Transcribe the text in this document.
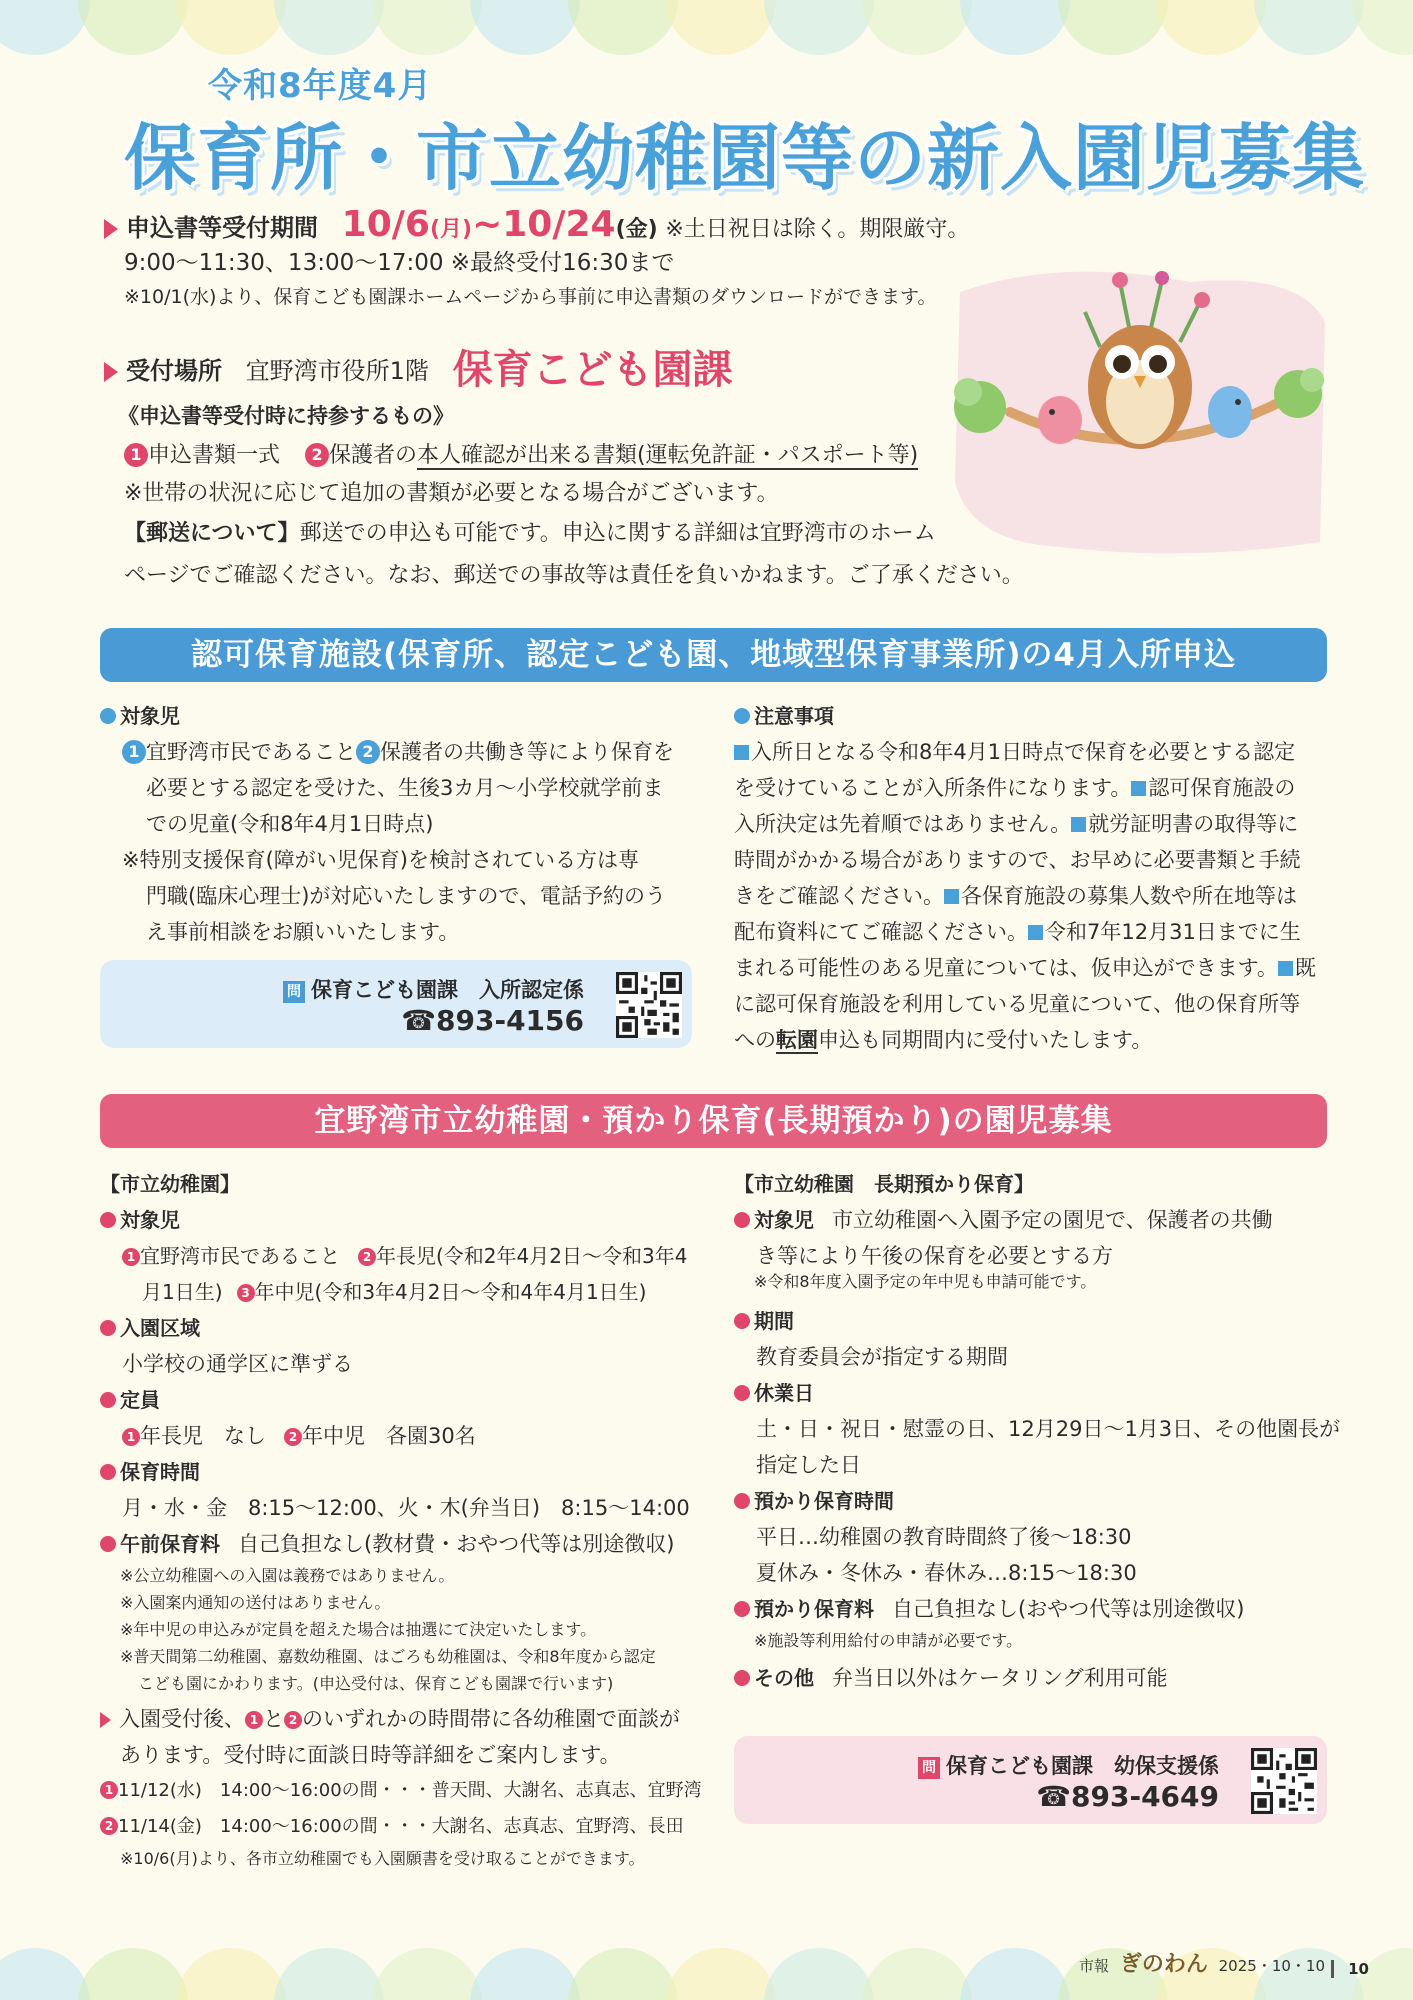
令和8年度4月
保育所・市立幼稚園等の新入園児募集
申込書等受付期間 10/6(月)~10/24(金) ※土日祝日は除く。期限厳守。
9:00～11:30、13:00～17:00 ※最終受付16:30まで
※10/1(水)より、保育こども園課ホームページから事前に申込書類のダウンロードができます。
受付場所 宜野湾市役所1階 保育こども園課
《申込書等受付時に持参するもの》
1 申込書類一式 2 保護者の本人確認が出来る書類(運転免許証・パスポート等)
※世帯の状況に応じて追加の書類が必要となる場合がございます。
【郵送について】郵送での申込も可能です。申込に関する詳細は宜野湾市のホーム
ページでご確認ください。なお、郵送での事故等は責任を負いかねます。ご了承ください。
認可保育施設(保育所、認定こども園、地域型保育事業所)の4月入所申込
対象児
1 宜野湾市民であること 2 保護者の共働き等により保育を
必要とする認定を受けた、生後3カ月～小学校就学前ま
での児童(令和8年4月1日時点)
※特別支援保育(障がい児保育)を検討されている方は専
門職(臨床心理士)が対応いたしますので、電話予約のう
え事前相談をお願いいたします。
問 保育こども園課　入所認定係
☎893-4156
注意事項
入所日となる令和8年4月1日時点で保育を必要とする認定
を受けていることが入所条件になります。 認可保育施設の
入所決定は先着順ではありません。 就労証明書の取得等に
時間がかかる場合がありますので、お早めに必要書類と手続
きをご確認ください。 各保育施設の募集人数や所在地等は
配布資料にてご確認ください。 令和7年12月31日までに生
まれる可能性のある児童については、仮申込ができます。 既
に認可保育施設を利用している児童について、他の保育所等
への転園申込も同期間内に受付いたします。
宜野湾市立幼稚園・預かり保育(長期預かり)の園児募集
【市立幼稚園】
対象児
1 宜野湾市民であること 2 年長児(令和2年4月2日～令和3年4
月1日生) 3 年中児(令和3年4月2日～令和4年4月1日生)
入園区域
小学校の通学区に準ずる
定員
1 年長児　なし 2 年中児　各園30名
保育時間
月・水・金　8:15～12:00、火・木(弁当日)　8:15～14:00
午前保育料 自己負担なし(教材費・おやつ代等は別途徴収)
※公立幼稚園への入園は義務ではありません。
※入園案内通知の送付はありません。
※年中児の申込みが定員を超えた場合は抽選にて決定いたします。
※普天間第二幼稚園、嘉数幼稚園、はごろも幼稚園は、令和8年度から認定
こども園にかわります。(申込受付は、保育こども園課で行います)
入園受付後、 1 と 2 のいずれかの時間帯に各幼稚園で面談が
あります。受付時に面談日時等詳細をご案内します。
1 11/12(水)　14:00～16:00の間・・・普天間、大謝名、志真志、宜野湾
2 11/14(金)　14:00～16:00の間・・・大謝名、志真志、宜野湾、長田
※10/6(月)より、各市立幼稚園でも入園願書を受け取ることができます。
【市立幼稚園　長期預かり保育】
対象児 市立幼稚園へ入園予定の園児で、保護者の共働
き等により午後の保育を必要とする方
※令和8年度入園予定の年中児も申請可能です。
期間
教育委員会が指定する期間
休業日
土・日・祝日・慰霊の日、12月29日～1月3日、その他園長が
指定した日
預かり保育時間
平日…幼稚園の教育時間終了後～18:30
夏休み・冬休み・春休み…8:15～18:30
預かり保育料 自己負担なし(おやつ代等は別途徴収)
※施設等利用給付の申請が必要です。
その他 弁当日以外はケータリング利用可能
問 保育こども園課　幼保支援係
☎893-4649
市報 ぎのわん 2025・10・10	10
